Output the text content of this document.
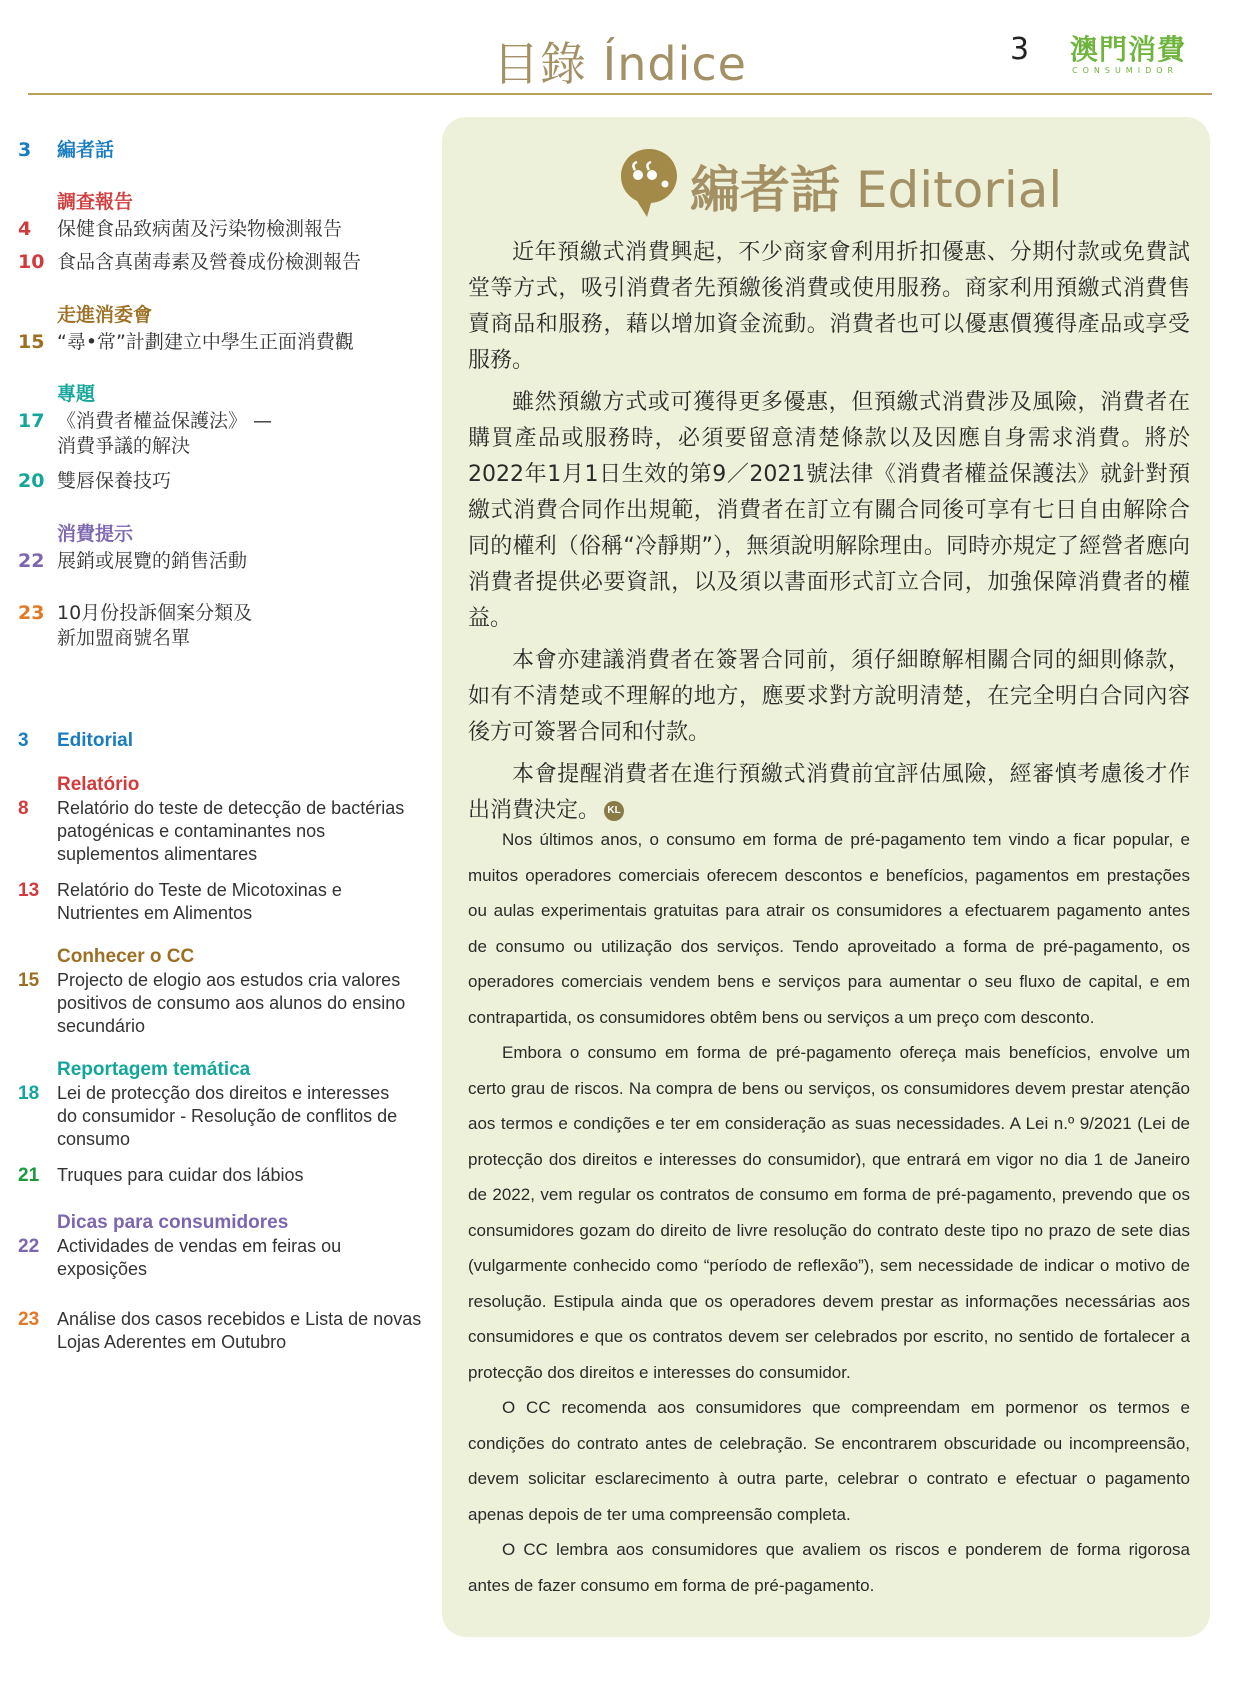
目錄 Índice	3 澳門消費
CONSUMIDOR
3 編者話
調查報告
4 保健食品致病菌及污染物檢測報告
10 食品含真菌毒素及營養成份檢測報告
走進消委會
15 “尋•常”計劃建立中學生正面消費觀
專題
17 《消費者權益保護法》 —
消費爭議的解決
20 雙唇保養技巧
消費提示
22 展銷或展覽的銷售活動
23 10月份投訴個案分類及
新加盟商號名單
3 Editorial
Relatório
8 Relatório do teste de detecção de bactérias
patogénicas e contaminantes nos
suplementos alimentares
13 Relatório do Teste de Micotoxinas e
Nutrientes em Alimentos
Conhecer o CC
15 Projecto de elogio aos estudos cria valores
positivos de consumo aos alunos do ensino
secundário
Reportagem temática
18 Lei de protecção dos direitos e interesses
do consumidor - Resolução de conflitos de
consumo
21 Truques para cuidar dos lábios
Dicas para consumidores
22 Actividades de vendas em feiras ou
exposições
23 Análise dos casos recebidos e Lista de novas
Lojas Aderentes em Outubro
編者話 Editorial

近年預繳式消費興起，不少商家會利用折扣優惠、分期付款或免費試堂等方式，吸引消費者先預繳後消費或使用服務。商家利用預繳式消費售賣商品和服務，藉以增加資金流動。消費者也可以優惠價獲得產品或享受服務。

雖然預繳方式或可獲得更多優惠，但預繳式消費涉及風險，消費者在購買產品或服務時，必須要留意清楚條款以及因應自身需求消費。將於2022年1月1日生效的第9／2021號法律《消費者權益保護法》就針對預繳式消費合同作出規範，消費者在訂立有關合同後可享有七日自由解除合同的權利（俗稱“冷靜期”），無須說明解除理由。同時亦規定了經營者應向消費者提供必要資訊，以及須以書面形式訂立合同，加強保障消費者的權益。

本會亦建議消費者在簽署合同前，須仔細瞭解相關合同的細則條款，如有不清楚或不理解的地方，應要求對方說明清楚，在完全明白合同內容後方可簽署合同和付款。

本會提醒消費者在進行預繳式消費前宜評估風險，經審慎考慮後才作出消費決定。 KL

Nos últimos anos, o consumo em forma de pré-pagamento tem vindo a ficar popular, e muitos operadores comerciais oferecem descontos e benefícios, pagamentos em prestações ou aulas experimentais gratuitas para atrair os consumidores a efectuarem pagamento antes de consumo ou utilização dos serviços. Tendo aproveitado a forma de pré-pagamento, os operadores comerciais vendem bens e serviços para aumentar o seu fluxo de capital, e em contrapartida, os consumidores obtêm bens ou serviços a um preço com desconto.

Embora o consumo em forma de pré-pagamento ofereça mais benefícios, envolve um certo grau de riscos. Na compra de bens ou serviços, os consumidores devem prestar atenção aos termos e condições e ter em consideração as suas necessidades. A Lei n.º 9/2021 (Lei de protecção dos direitos e interesses do consumidor), que entrará em vigor no dia 1 de Janeiro de 2022, vem regular os contratos de consumo em forma de pré-pagamento, prevendo que os consumidores gozam do direito de livre resolução do contrato deste tipo no prazo de sete dias (vulgarmente conhecido como “período de reflexão”), sem necessidade de indicar o motivo de resolução. Estipula ainda que os operadores devem prestar as informações necessárias aos consumidores e que os contratos devem ser celebrados por escrito, no sentido de fortalecer a protecção dos direitos e interesses do consumidor.

O CC recomenda aos consumidores que compreendam em pormenor os termos e condições do contrato antes de celebração. Se encontrarem obscuridade ou incompreensão, devem solicitar esclarecimento à outra parte, celebrar o contrato e efectuar o pagamento apenas depois de ter uma compreensão completa.

O CC lembra aos consumidores que avaliem os riscos e ponderem de forma rigorosa antes de fazer consumo em forma de pré-pagamento.
